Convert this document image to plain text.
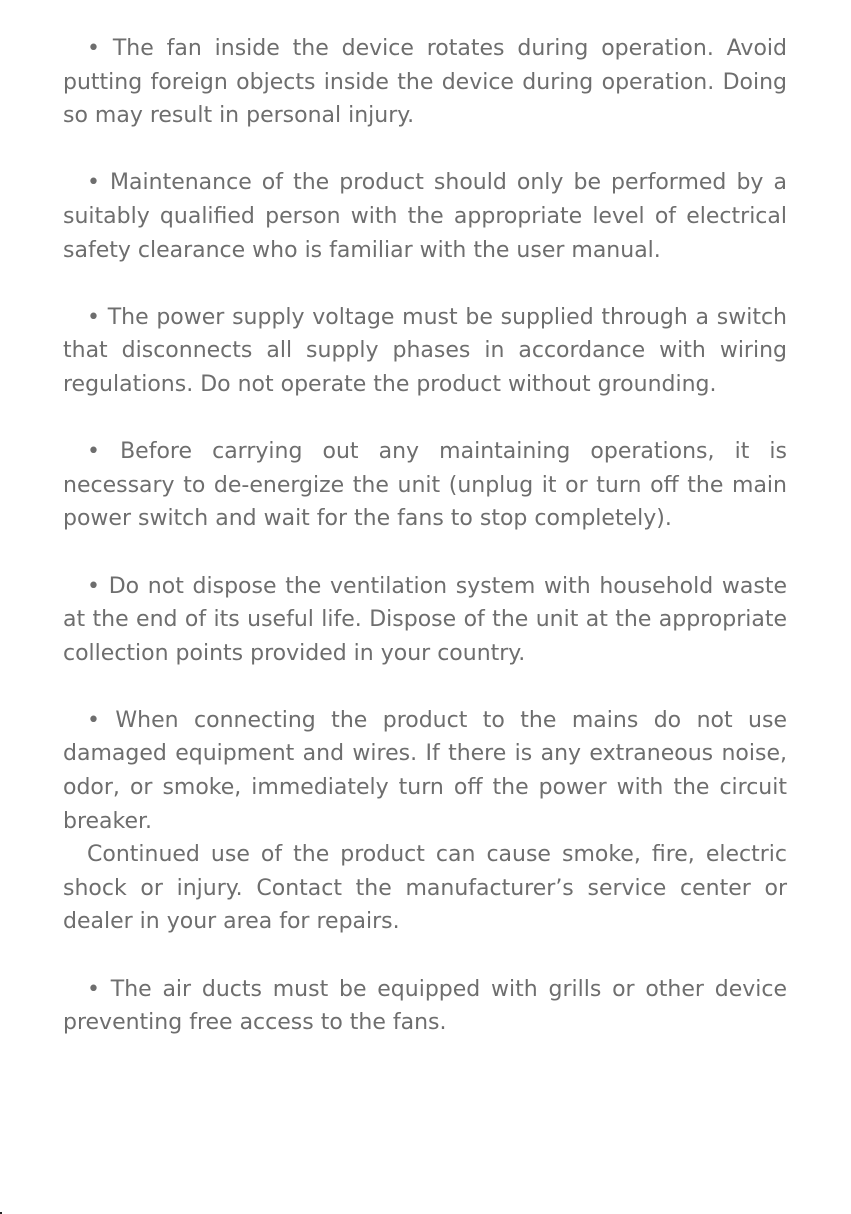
• The fan inside the device rotates during operation. Avoid putting foreign objects inside the device during operation. Doing so may result in personal injury.

• Maintenance of the product should only be performed by a suitably qualified person with the appropriate level of electrical safety clearance who is familiar with the user manual.

• The power supply voltage must be supplied through a switch that disconnects all supply phases in accordance with wiring regulations. Do not operate the product without grounding.

• Before carrying out any maintaining operations, it is necessary to de-energize the unit (unplug it or turn off the main power switch and wait for the fans to stop completely).

• Do not dispose the ventilation system with household waste at the end of its useful life. Dispose of the unit at the appropriate collection points provided in your country.

• When connecting the product to the mains do not use damaged equipment and wires. If there is any extraneous noise, odor, or smoke, immediately turn off the power with the circuit breaker.

Continued use of the product can cause smoke, fire, electric shock or injury. Contact the manufacturer’s service center or dealer in your area for repairs.

• The air ducts must be equipped with grills or other device preventing free access to the fans.
